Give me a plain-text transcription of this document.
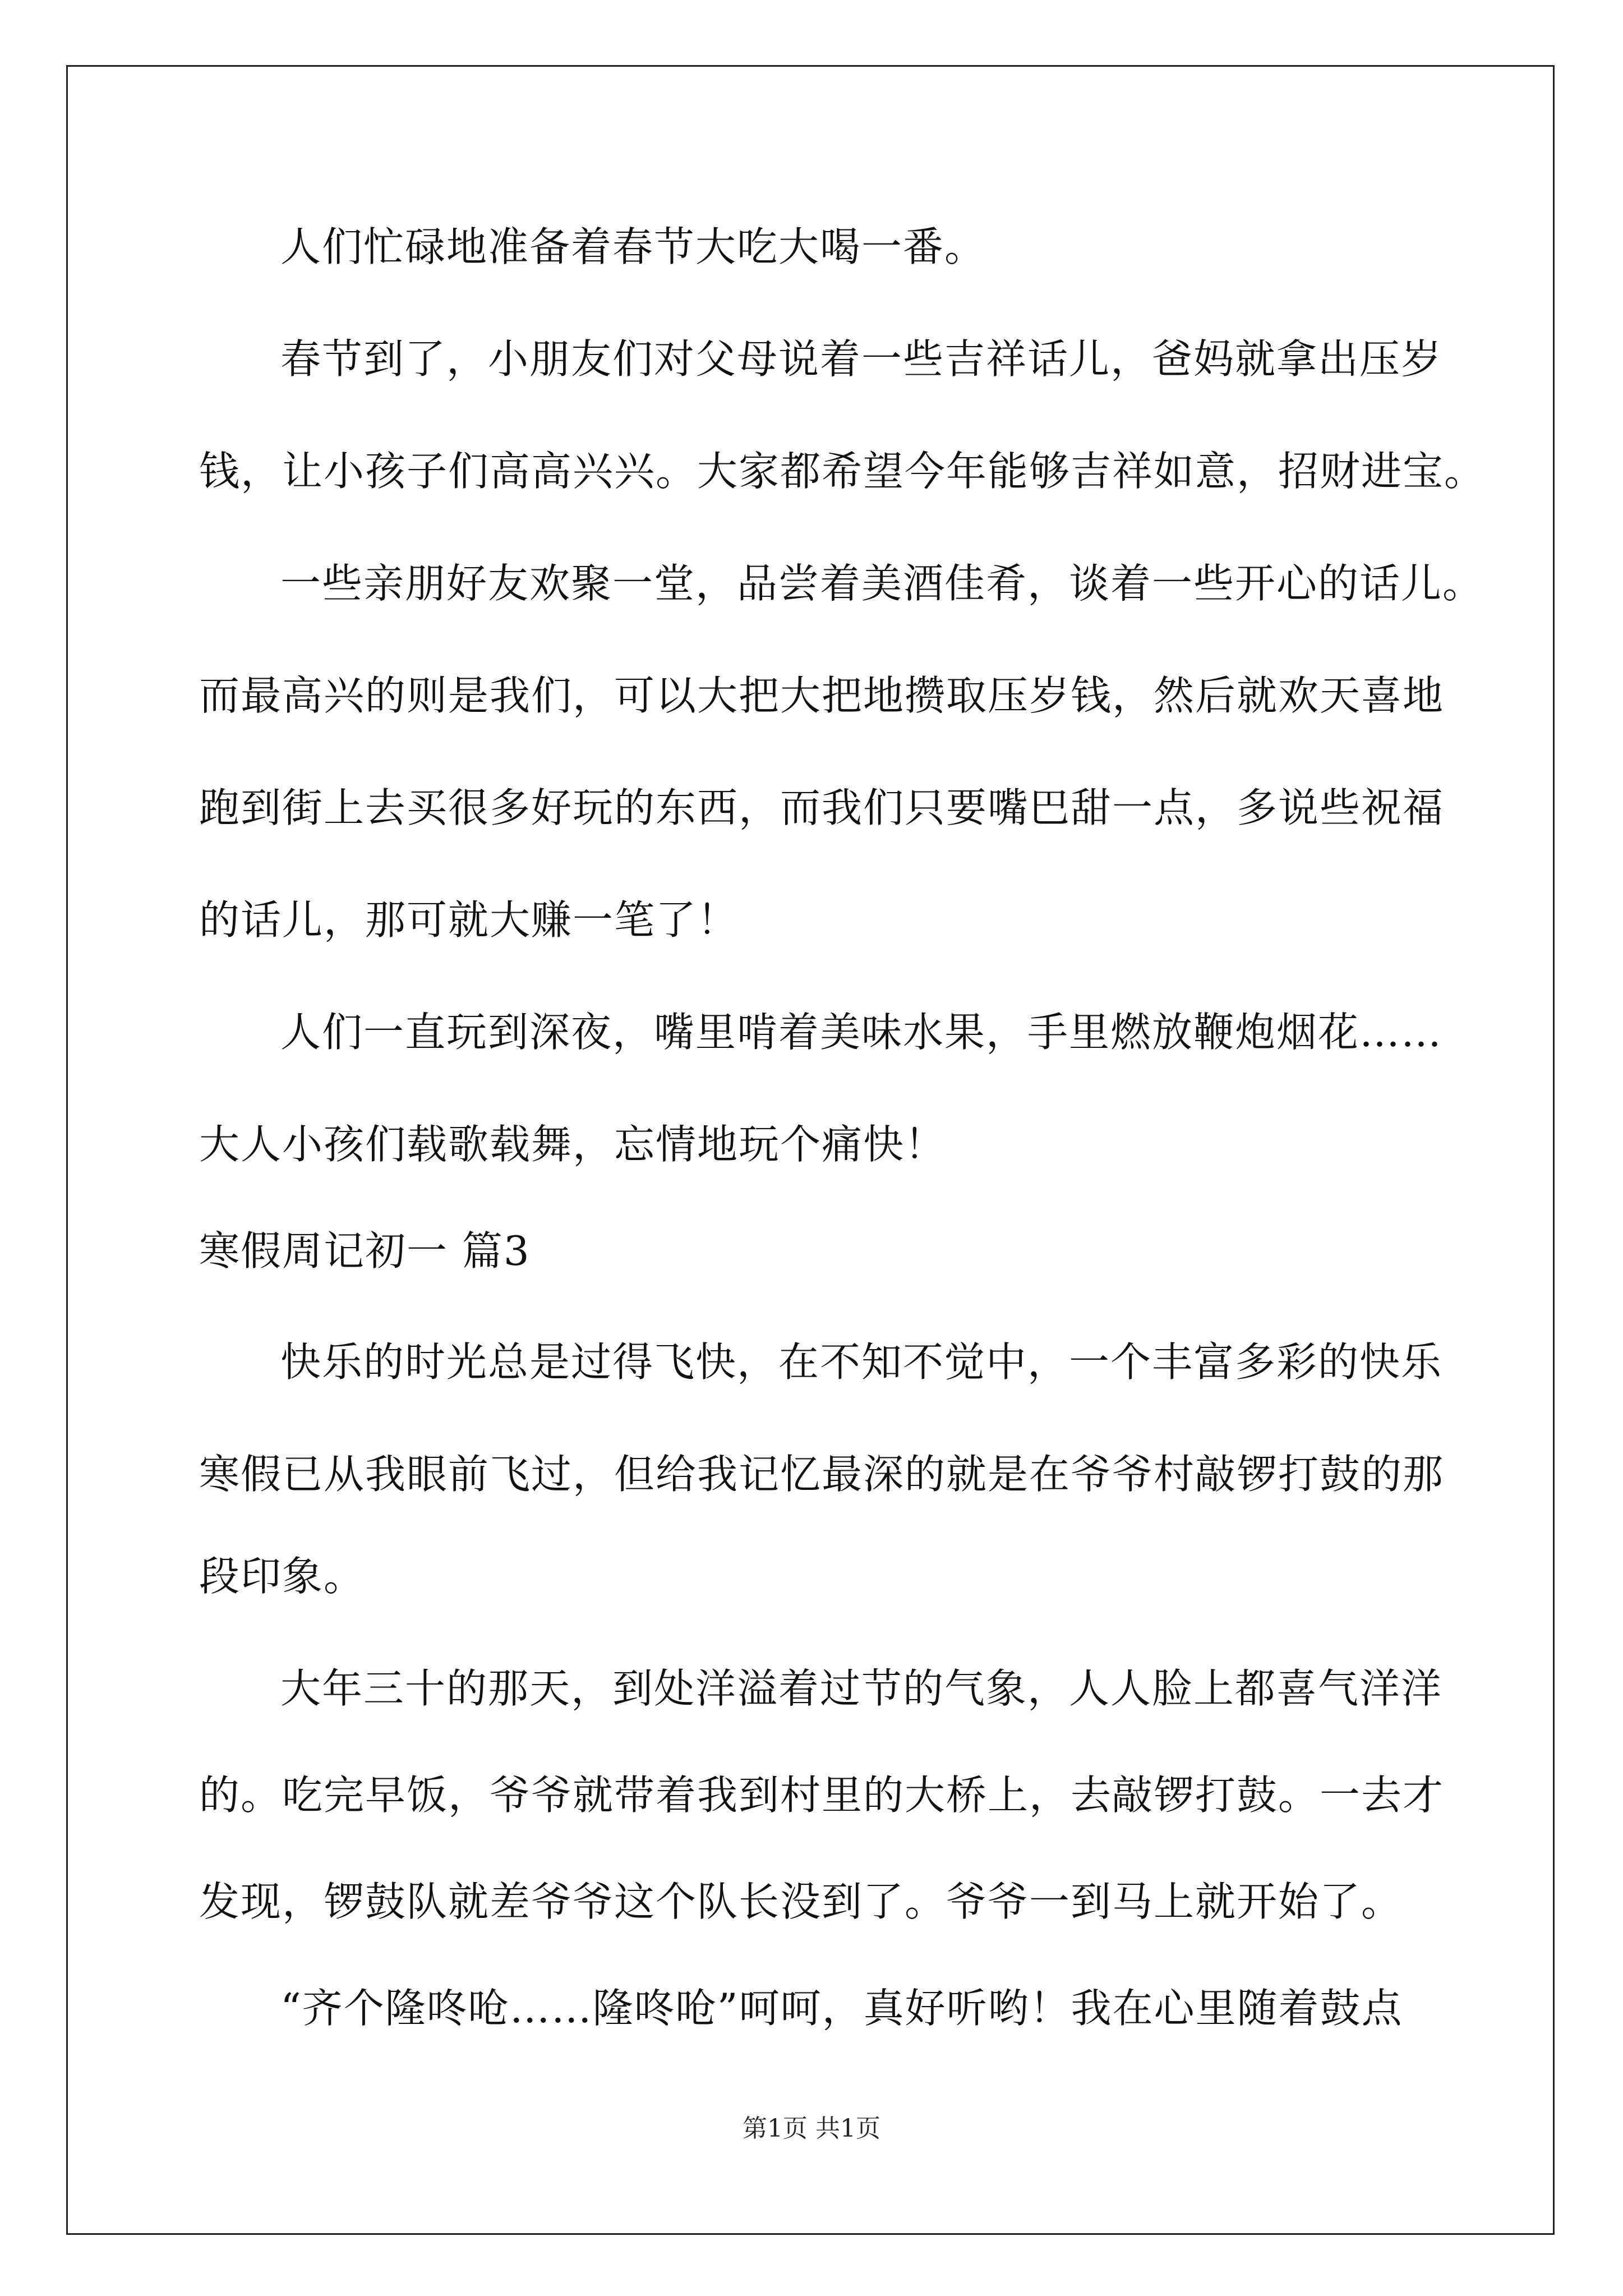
人们忙碌地准备着春节大吃大喝一番。
春节到了，小朋友们对父母说着一些吉祥话儿，爸妈就拿出压岁
钱，让小孩子们高高兴兴。大家都希望今年能够吉祥如意，招财进宝。
一些亲朋好友欢聚一堂，品尝着美酒佳肴，谈着一些开心的话儿。
而最高兴的则是我们，可以大把大把地攒取压岁钱，然后就欢天喜地
跑到街上去买很多好玩的东西，而我们只要嘴巴甜一点，多说些祝福
的话儿，那可就大赚一笔了！
人们一直玩到深夜，嘴里啃着美味水果，手里燃放鞭炮烟花……
大人小孩们载歌载舞，忘情地玩个痛快！
寒假周记初一 篇3
快乐的时光总是过得飞快，在不知不觉中，一个丰富多彩的快乐
寒假已从我眼前飞过，但给我记忆最深的就是在爷爷村敲锣打鼓的那
段印象。
大年三十的那天，到处洋溢着过节的气象，人人脸上都喜气洋洋
的。吃完早饭，爷爷就带着我到村里的大桥上，去敲锣打鼓。一去才
发现，锣鼓队就差爷爷这个队长没到了。爷爷一到马上就开始了。
“齐个隆咚呛……隆咚呛”呵呵，真好听哟！我在心里随着鼓点
第1页 共1页
